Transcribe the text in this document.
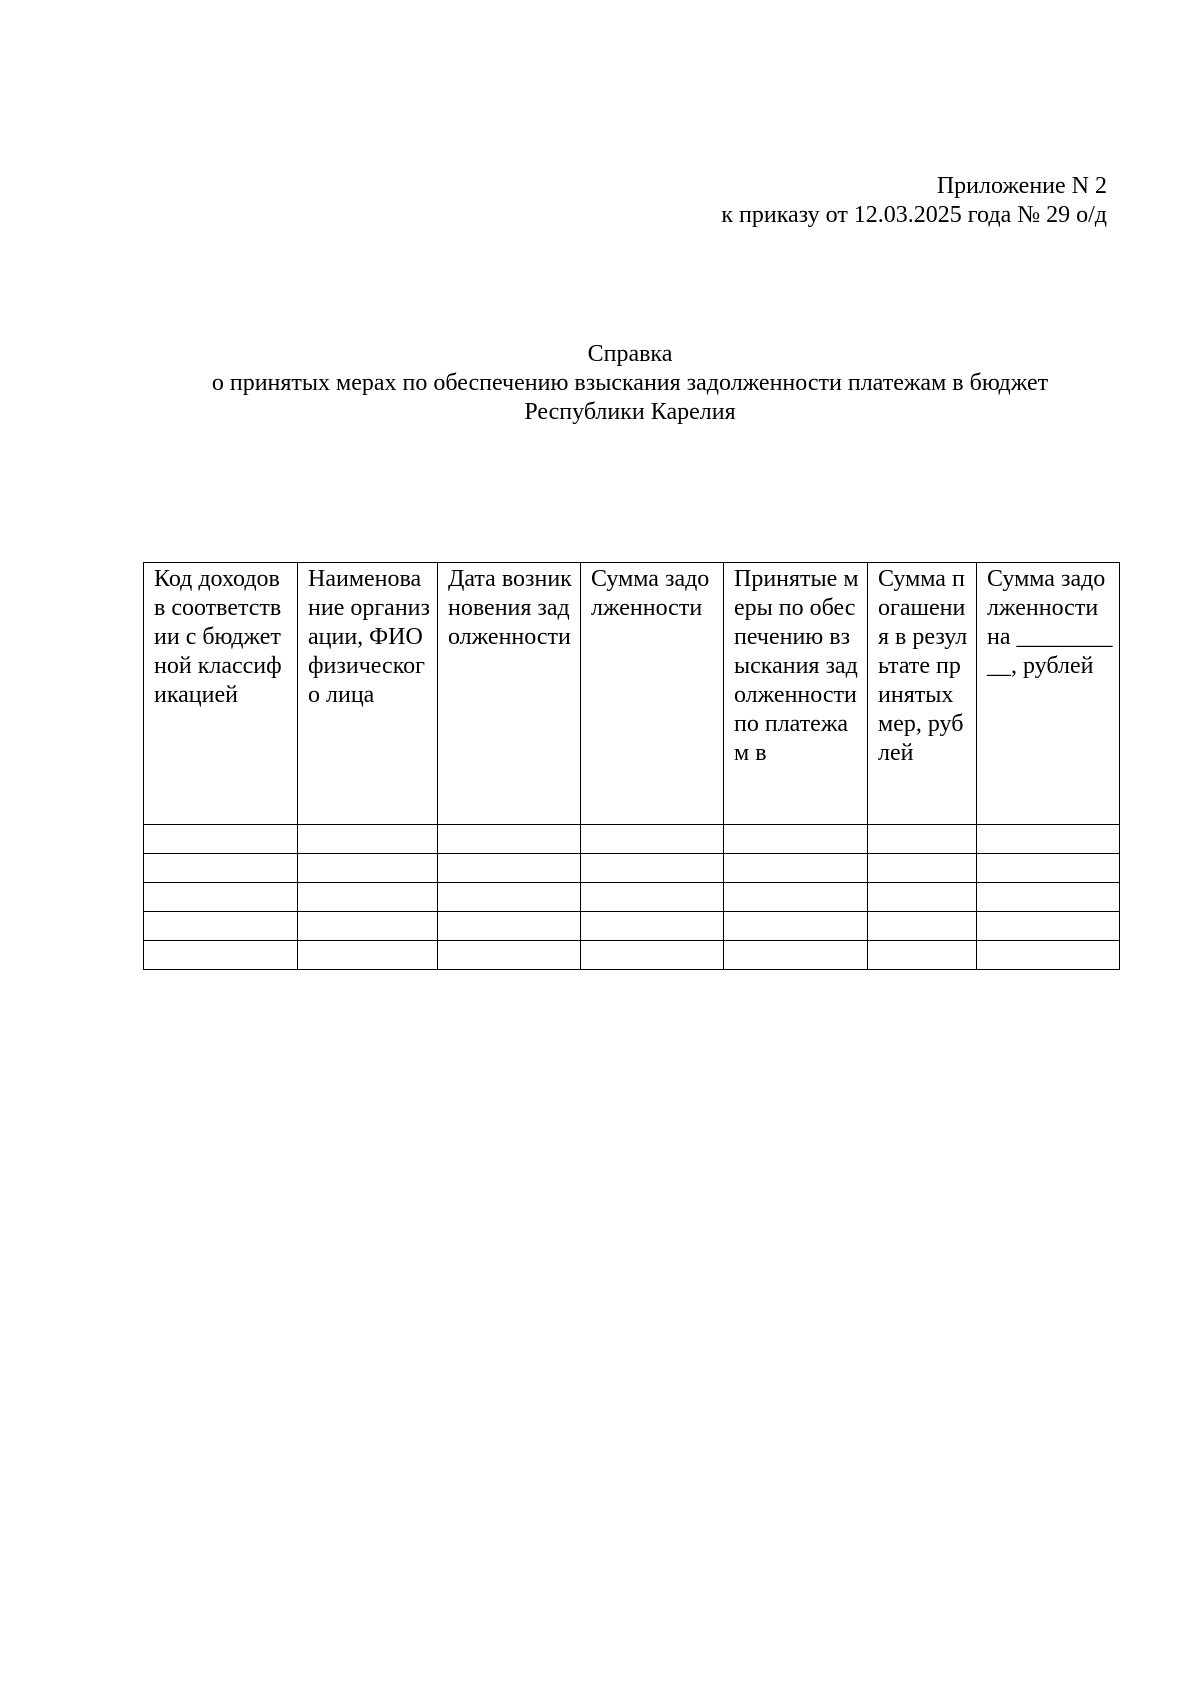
Приложение N 2
к приказу от 12.03.2025 года № 29 о/д
Справка
о принятых мерах по обеспечению взыскания задолженности платежам в бюджет
Республики Карелия
Код доходов в соответствии с бюджетной классификацией	Наименование организации, ФИО физического лица	Дата возникновения задолженности	Сумма задолженности	Принятые меры по обеспечению взыскания задолженности по платежам в	Сумма погашения в результате принятых мер, рублей	Сумма задолженности на __________, рублей
